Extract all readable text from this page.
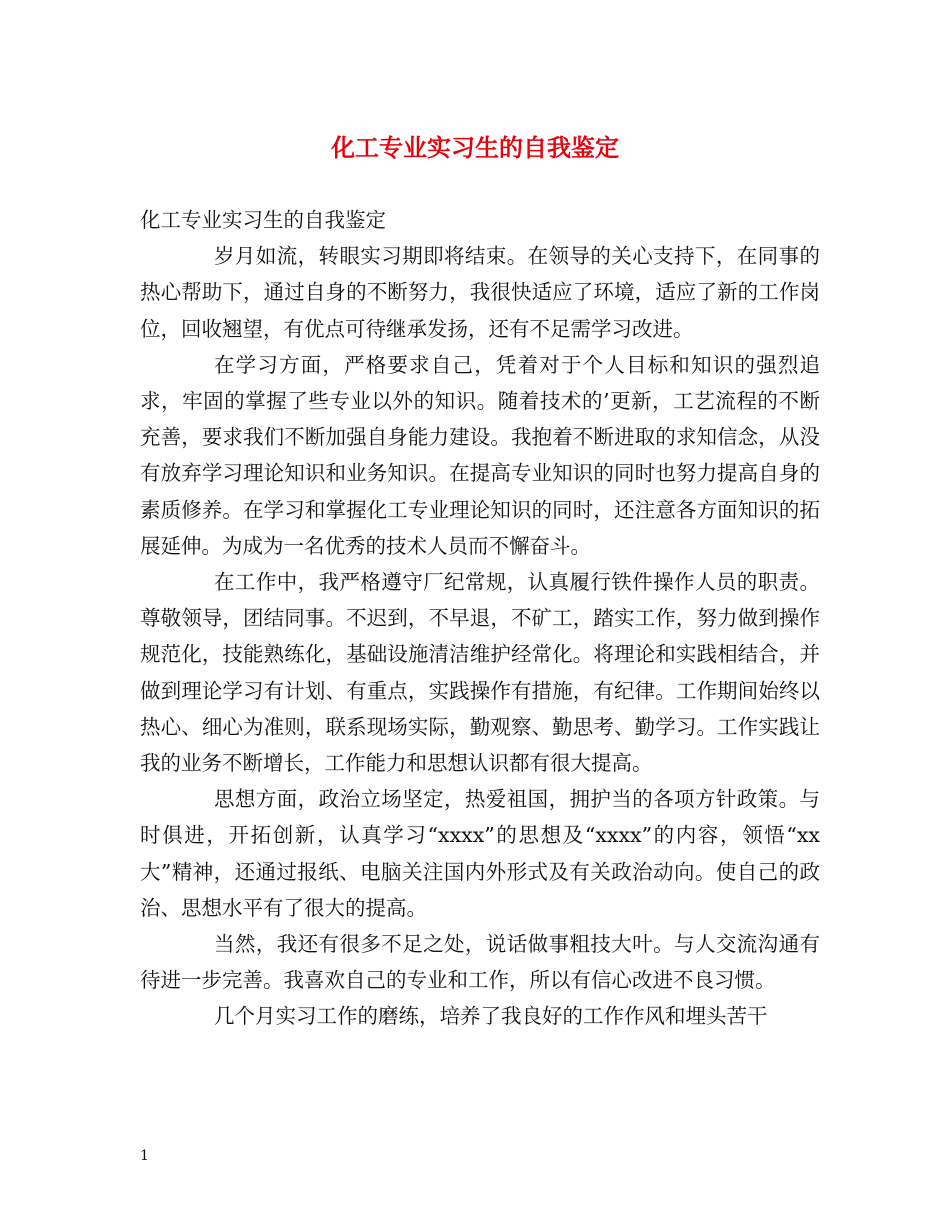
化工专业实习生的自我鉴定

化工专业实习生的自我鉴定

岁月如流，转眼实习期即将结束。在领导的关心支持下，在同事的热心帮助下，通过自身的不断努力，我很快适应了环境，适应了新的工作岗位，回收翘望，有优点可待继承发扬，还有不足需学习改进。

在学习方面，严格要求自己，凭着对于个人目标和知识的强烈追求，牢固的掌握了些专业以外的知识。随着技术的’更新，工艺流程的不断充善，要求我们不断加强自身能力建设。我抱着不断进取的求知信念，从没有放弃学习理论知识和业务知识。在提高专业知识的同时也努力提高自身的素质修养。在学习和掌握化工专业理论知识的同时，还注意各方面知识的拓展延伸。为成为一名优秀的技术人员而不懈奋斗。

在工作中，我严格遵守厂纪常规，认真履行铁件操作人员的职责。尊敬领导，团结同事。不迟到，不早退，不矿工，踏实工作，努力做到操作规范化，技能熟练化，基础设施清洁维护经常化。将理论和实践相结合，并做到理论学习有计划、有重点，实践操作有措施，有纪律。工作期间始终以热心、细心为准则，联系现场实际，勤观察、勤思考、勤学习。工作实践让我的业务不断增长，工作能力和思想认识都有很大提高。

思想方面，政治立场坚定，热爱祖国，拥护当的各项方针政策。与时俱进，开拓创新，认真学习“xxxx”的思想及“xxxx”的内容，领悟“xx大”精神，还通过报纸、电脑关注国内外形式及有关政治动向。使自己的政治、思想水平有了很大的提高。

当然，我还有很多不足之处，说话做事粗技大叶。与人交流沟通有待进一步完善。我喜欢自己的专业和工作，所以有信心改进不良习惯。

几个月实习工作的磨练，培养了我良好的工作作风和埋头苦干

1
